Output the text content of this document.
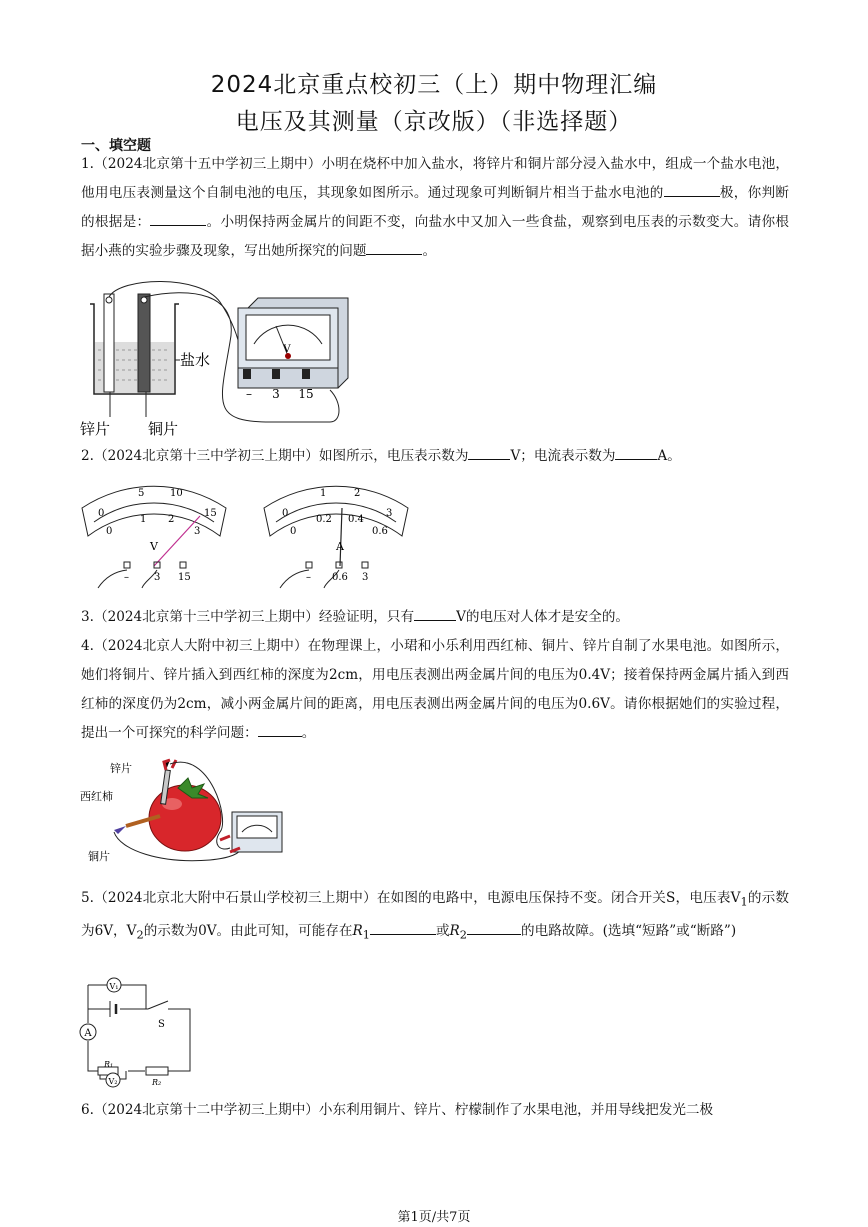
2024北京重点校初三（上）期中物理汇编
电压及其测量（京改版）（非选择题）
一、填空题
1.（2024北京第十五中学初三上期中）小明在烧杯中加入盐水，将锌片和铜片部分浸入盐水中，组成一个盐水电池，他用电压表测量这个自制电池的电压，其现象如图所示。通过现象可判断铜片相当于盐水电池的	极，你判断的根据是：	。小明保持两金属片的间距不变，向盐水中又加入一些食盐，观察到电压表的示数变大。请你根据小燕的实验步骤及现象，写出她所探究的问题	。
V
– 3 15
盐水
锌片	铜片
2.（2024北京第十三中学初三上期中）如图所示，电压表示数为	V；电流表示数为	A。
0
5	10
15
0
1 2
3
V
–	3 15
0
1	2
3
0
0.2 0.4
0.6
A
– 0.6 3
3.（2024北京第十三中学初三上期中）经验证明，只有	V的电压对人体才是安全的。
4.（2024北京人大附中初三上期中）在物理课上，小珺和小乐利用西红柿、铜片、锌片自制了水果电池。如图所示，她们将铜片、锌片插入到西红柿的深度为2cm，用电压表测出两金属片间的电压为0.4V；接着保持两金属片插入到西红柿的深度仍为2cm，减小两金属片间的距离，用电压表测出两金属片间的电压为0.6V。请你根据她们的实验过程，提出一个可探究的科学问题：	。
锌片
西红柿
铜片
5.（2024北京北大附中石景山学校初三上期中）在如图的电路中，电源电压保持不变。闭合开关S，电压表$V_1$的示数为6V，$V_2$的示数为0V。由此可知，可能存在$R_1$	或$R_2$	的电路故障。(选填“短路”或“断路”)
V₁
A
V₂
S
R₁
R₂
6.（2024北京第十二中学初三上期中）小东利用铜片、锌片、柠檬制作了水果电池，并用导线把发光二极
第1页/共7页
